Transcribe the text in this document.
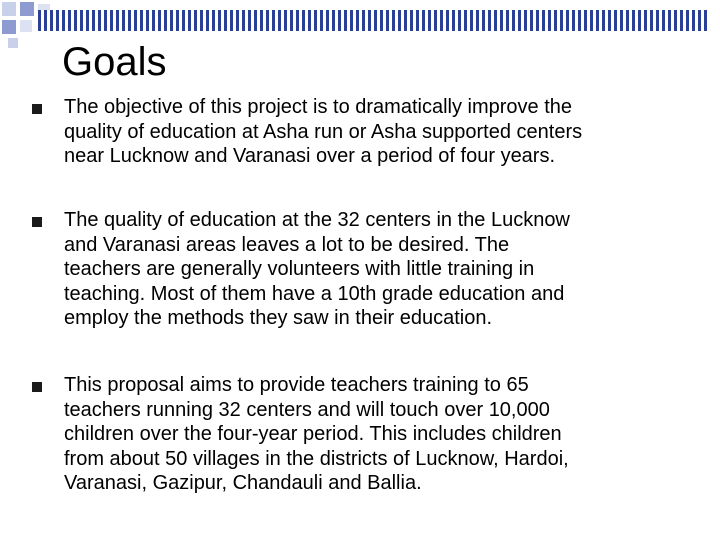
Goals

The objective of this project is to dramatically improve the
quality of education at Asha run or Asha supported centers
near Lucknow and Varanasi over a period of four years.

The quality of education at the 32 centers in the Lucknow
and Varanasi areas leaves a lot to be desired. The
teachers are generally volunteers with little training in
teaching. Most of them have a 10th grade education and
employ the methods they saw in their education.

This proposal aims to provide teachers training to 65
teachers running 32 centers and will touch over 10,000
children over the four-year period. This includes children
from about 50 villages in the districts of Lucknow, Hardoi,
Varanasi, Gazipur, Chandauli and Ballia.
